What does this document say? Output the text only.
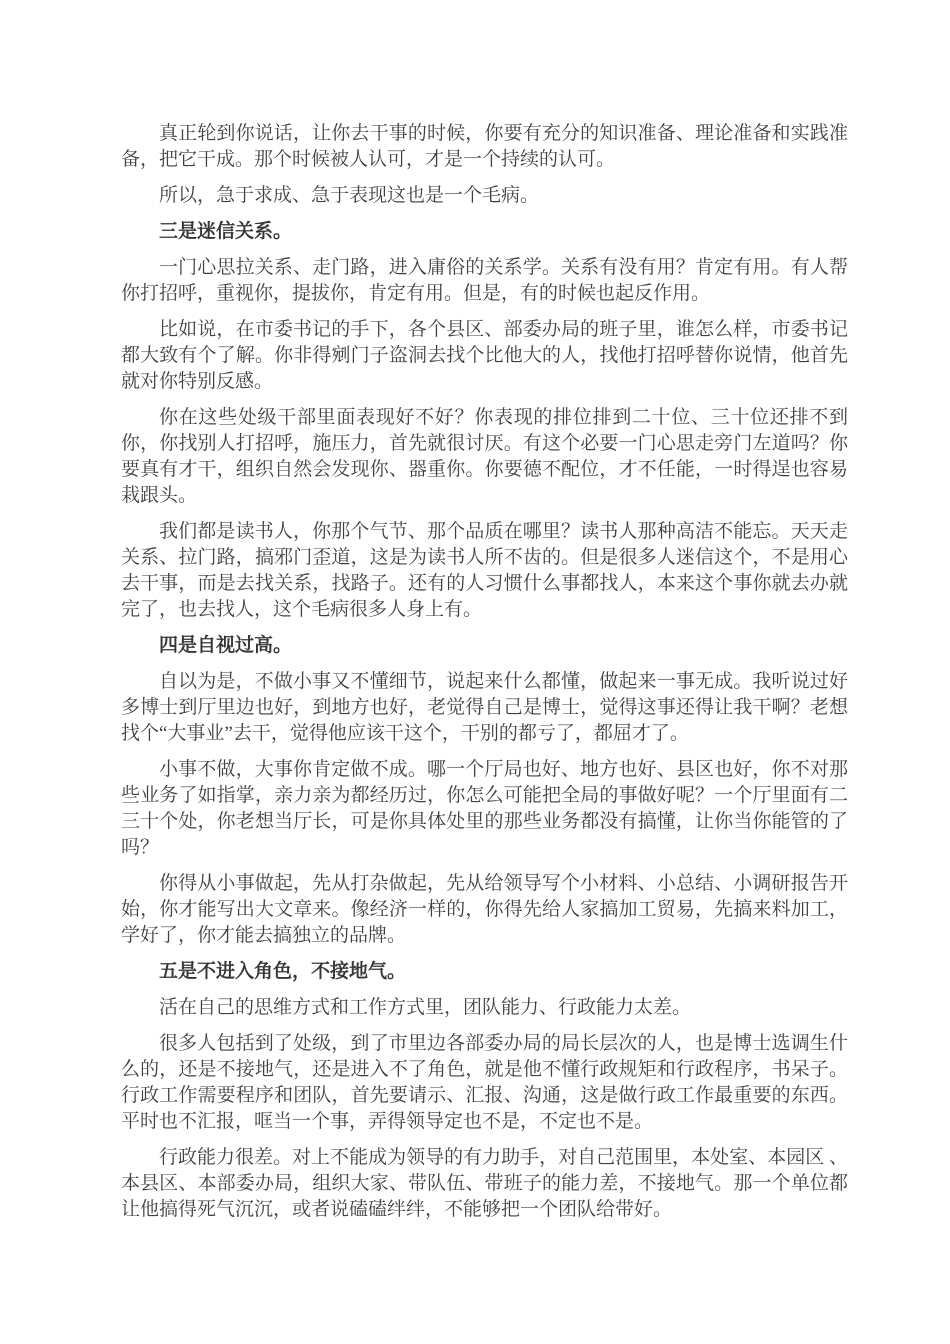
真正轮到你说话，让你去干事的时候，你要有充分的知识准备、理论准备和实践准备，把它干成。那个时候被人认可，才是一个持续的认可。

所以，急于求成、急于表现这也是一个毛病。

三是迷信关系。

一门心思拉关系、走门路，进入庸俗的关系学。关系有没有用？肯定有用。有人帮你打招呼，重视你，提拔你，肯定有用。但是，有的时候也起反作用。

比如说，在市委书记的手下，各个县区、部委办局的班子里，谁怎么样，市委书记都大致有个了解。你非得剜门子盗洞去找个比他大的人，找他打招呼替你说情，他首先就对你特别反感。

你在这些处级干部里面表现好不好？你表现的排位排到二十位、三十位还排不到你，你找别人打招呼，施压力，首先就很讨厌。有这个必要一门心思走旁门左道吗？你要真有才干，组织自然会发现你、器重你。你要德不配位，才不任能，一时得逞也容易栽跟头。

我们都是读书人，你那个气节、那个品质在哪里？读书人那种高洁不能忘。天天走关系、拉门路，搞邪门歪道，这是为读书人所不齿的。但是很多人迷信这个，不是用心去干事，而是去找关系，找路子。还有的人习惯什么事都找人，本来这个事你就去办就完了，也去找人，这个毛病很多人身上有。

四是自视过高。

自以为是，不做小事又不懂细节，说起来什么都懂，做起来一事无成。我听说过好多博士到厅里边也好，到地方也好，老觉得自己是博士，觉得这事还得让我干啊？老想找个“大事业”去干，觉得他应该干这个，干别的都亏了，都屈才了。

小事不做，大事你肯定做不成。哪一个厅局也好、地方也好、县区也好，你不对那些业务了如指掌，亲力亲为都经历过，你怎么可能把全局的事做好呢？一个厅里面有二三十个处，你老想当厅长，可是你具体处里的那些业务都没有搞懂，让你当你能管的了吗？

你得从小事做起，先从打杂做起，先从给领导写个小材料、小总结、小调研报告开始，你才能写出大文章来。像经济一样的，你得先给人家搞加工贸易，先搞来料加工，学好了，你才能去搞独立的品牌。

五是不进入角色，不接地气。

活在自己的思维方式和工作方式里，团队能力、行政能力太差。

很多人包括到了处级，到了市里边各部委办局的局长层次的人，也是博士选调生什么的，还是不接地气，还是进入不了角色，就是他不懂行政规矩和行政程序，书呆子。行政工作需要程序和团队，首先要请示、汇报、沟通，这是做行政工作最重要的东西。平时也不汇报，哐当一个事，弄得领导定也不是，不定也不是。

行政能力很差。对上不能成为领导的有力助手，对自己范围里，本处室、本园区 、本县区、本部委办局，组织大家、带队伍、带班子的能力差，不接地气。那一个单位都让他搞得死气沉沉，或者说磕磕绊绊，不能够把一个团队给带好。
